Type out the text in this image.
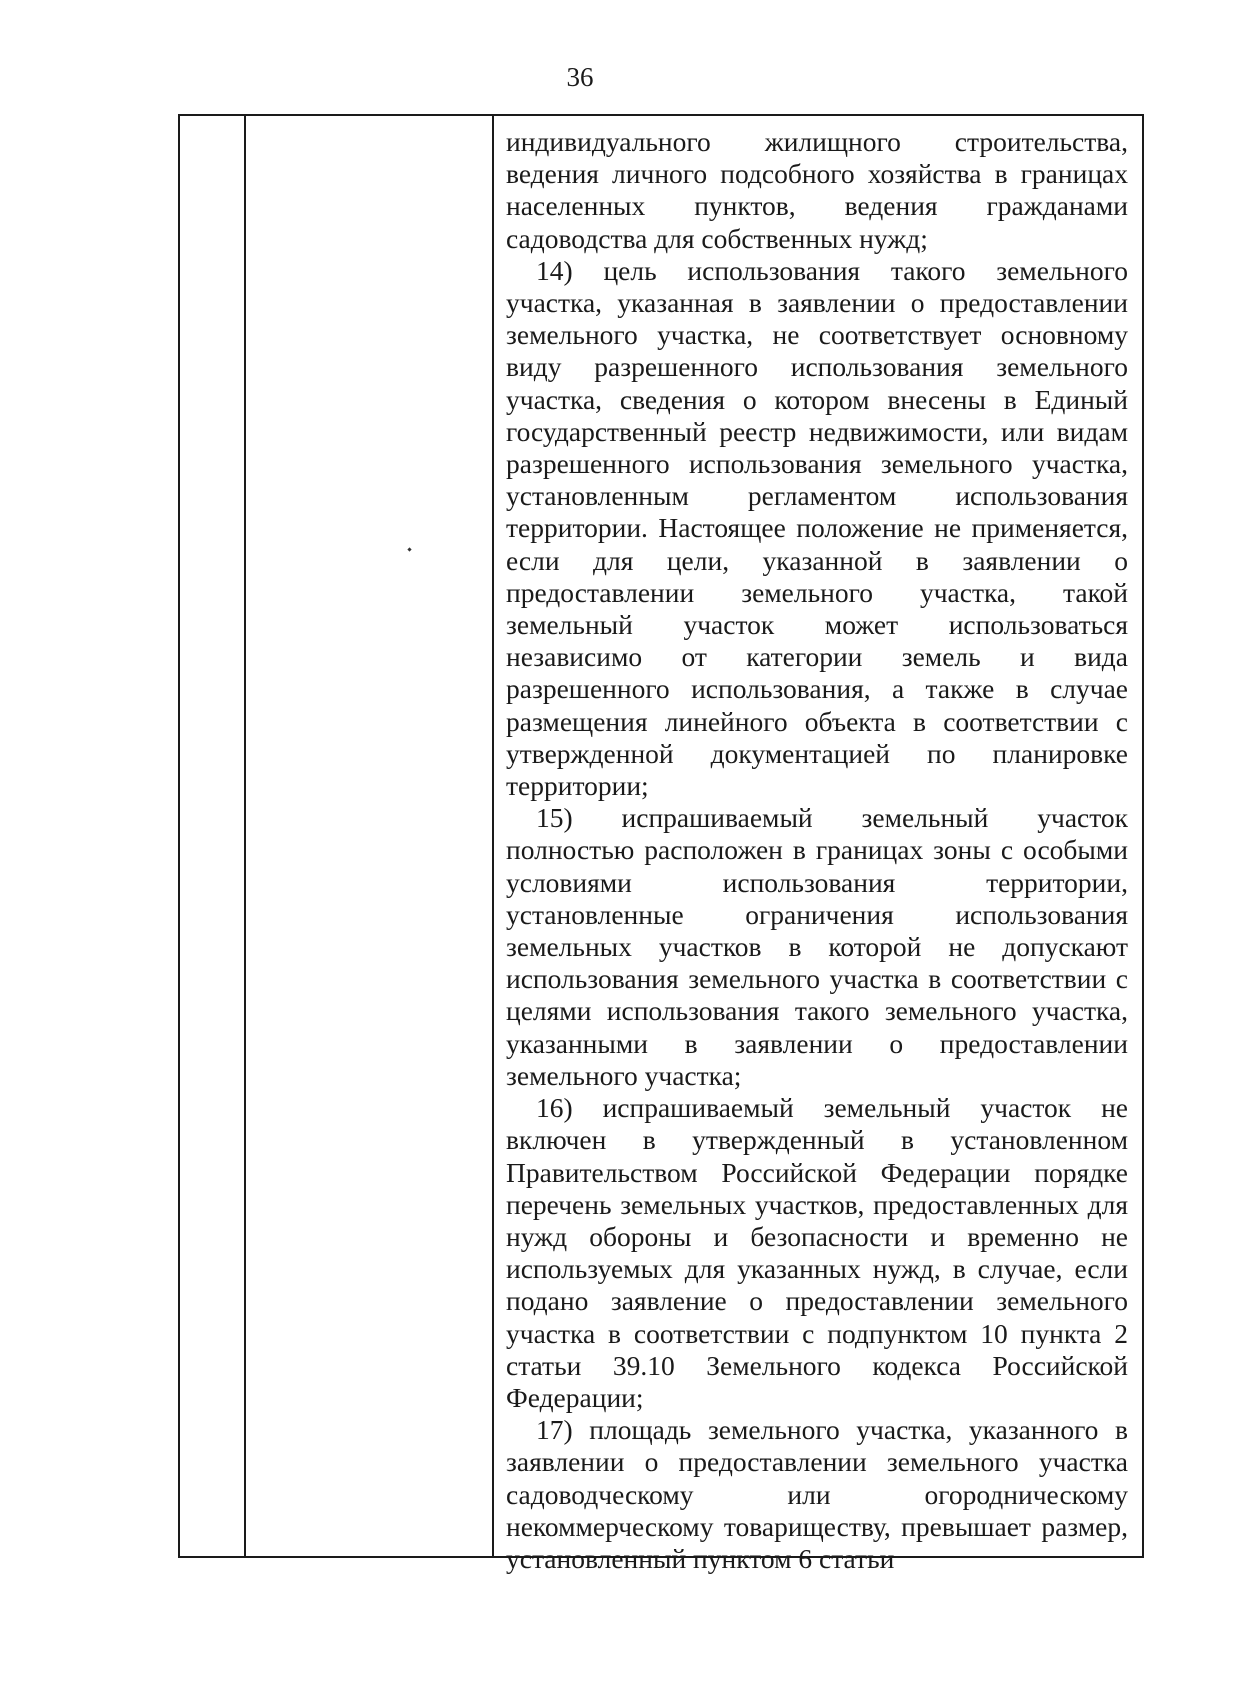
36

индивидуального жилищного строительства, ведения личного подсобного хозяйства в границах населенных пунктов, ведения гражданами садоводства для собственных нужд;

14) цель использования такого земельного участка, указанная в заявлении о предоставлении земельного участка, не соответствует основному виду разрешенного использования земельного участка, сведения о котором внесены в Единый государственный реестр недвижимости, или видам разрешенного использования земельного участка, установленным регламентом использования территории. Настоящее положение не применяется, если для цели, указанной в заявлении о предоставлении земельного участка, такой земельный участок может использоваться независимо от категории земель и вида разрешенного использования, а также в случае размещения линейного объекта в соответствии с утвержденной документацией по планировке территории;

15) испрашиваемый земельный участок полностью расположен в границах зоны с особыми условиями использования территории, установленные ограничения использования земельных участков в которой не допускают использования земельного участка в соответствии с целями использования такого земельного участка, указанными в заявлении о предоставлении земельного участка;

16) испрашиваемый земельный участок не включен в утвержденный в установленном Правительством Российской Федерации порядке перечень земельных участков, предоставленных для нужд обороны и безопасности и временно не используемых для указанных нужд, в случае, если подано заявление о предоставлении земельного участка в соответствии с подпунктом 10 пункта 2 статьи 39.10 Земельного кодекса Российской Федерации;

17) площадь земельного участка, указанного в заявлении о предоставлении земельного участка садоводческому или огородническому некоммерческому товариществу, превышает размер, установленный пунктом 6 статьи
